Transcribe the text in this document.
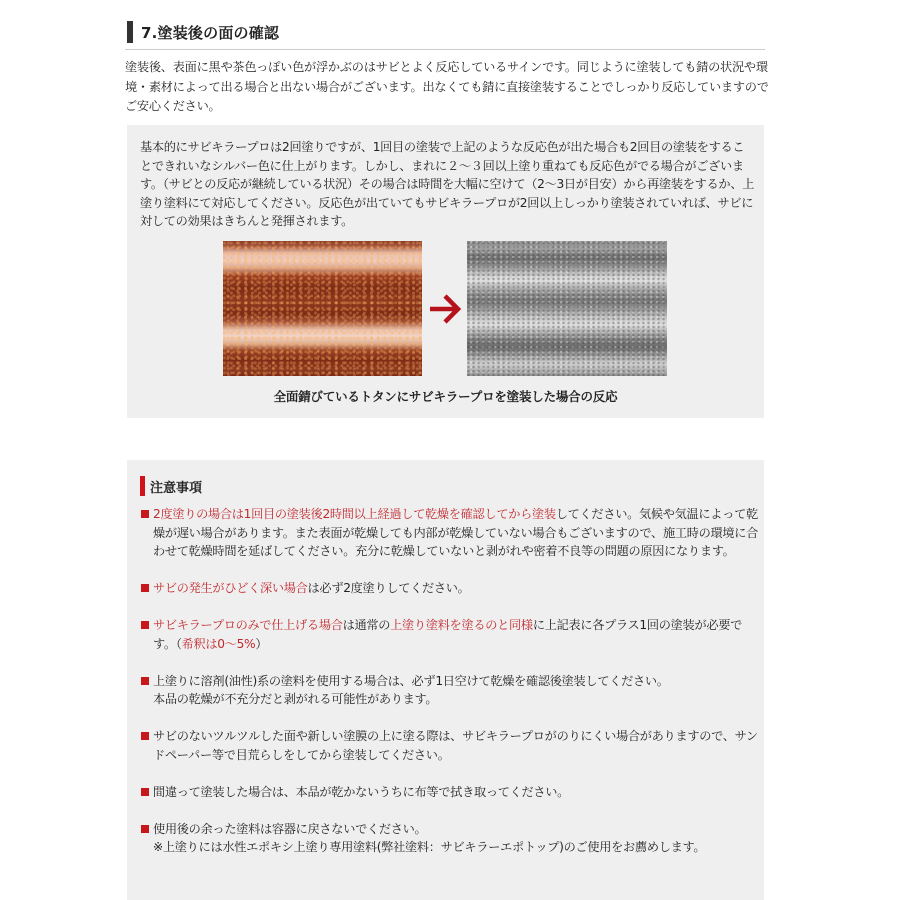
7.塗装後の面の確認

塗装後、表面に黒や茶色っぽい色が浮かぶのはサビとよく反応しているサインです。同じように塗装しても錆の状況や環境・素材によって出る場合と出ない場合がございます。出なくても錆に直接塗装することでしっかり反応していますのでご安心ください。

基本的にサビキラープロは2回塗りですが、1回目の塗装で上記のような反応色が出た場合も2回目の塗装をすることできれいなシルバー色に仕上がります。しかし、まれに２～３回以上塗り重ねても反応色がでる場合がございます。（サビとの反応が継続している状況）その場合は時間を大幅に空けて（2～3日が目安）から再塗装をするか、上塗り塗料にて対応してください。反応色が出ていてもサビキラープロが2回以上しっかり塗装されていれば、サビに対しての効果はきちんと発揮されます。

全面錆びているトタンにサビキラープロを塗装した場合の反応
注意事項
2度塗りの場合は1回目の塗装後2時間以上経過して乾燥を確認してから塗装してください。気候や気温によって乾燥が遅い場合があります。また表面が乾燥しても内部が乾燥していない場合もございますので、施工時の環境に合わせて乾燥時間を延ばしてください。充分に乾燥していないと剥がれや密着不良等の問題の原因になります。
サビの発生がひどく深い場合は必ず2度塗りしてください。
サビキラープロのみで仕上げる場合は通常の上塗り塗料を塗るのと同様に上記表に各プラス1回の塗装が必要です。（希釈は0～5%）
上塗りに溶剤(油性)系の塗料を使用する場合は、必ず1日空けて乾燥を確認後塗装してください。
本品の乾燥が不充分だと剥がれる可能性があります。
サビのないツルツルした面や新しい塗膜の上に塗る際は、サビキラープロがのりにくい場合がありますので、サンドペーパー等で目荒らしをしてから塗装してください。
間違って塗装した場合は、本品が乾かないうちに布等で拭き取ってください。
使用後の余った塗料は容器に戻さないでください。
※上塗りには水性エポキシ上塗り専用塗料(弊社塗料：サビキラーエポトップ)のご使用をお薦めします。
